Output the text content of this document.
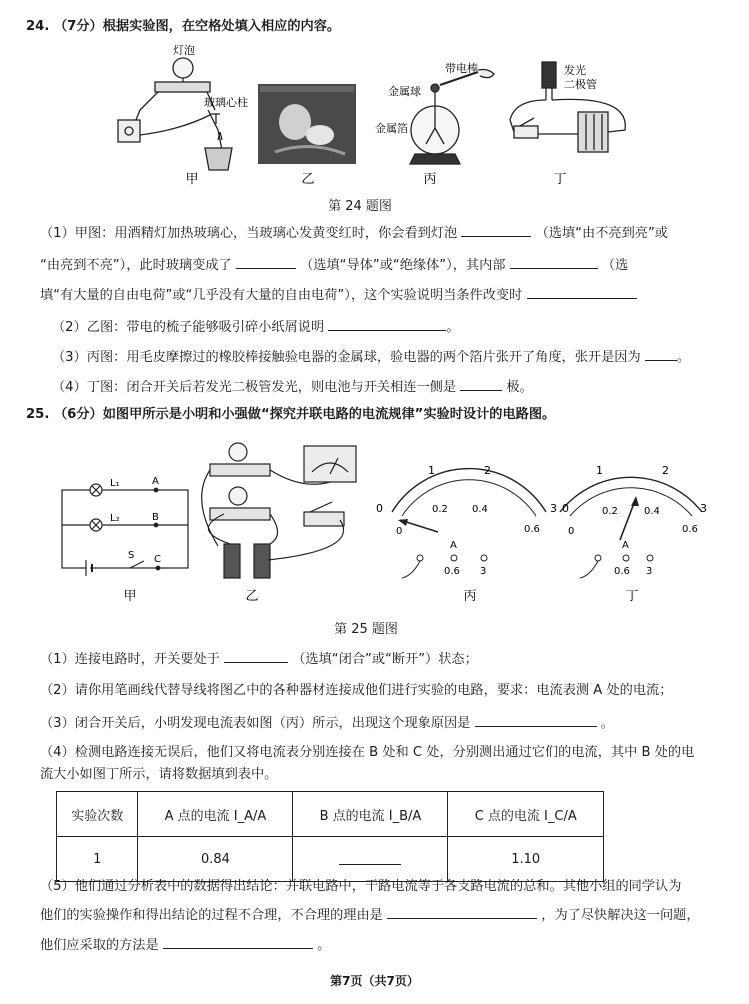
24. （7分）根据实验图，在空格处填入相应的内容。
灯泡
玻璃心柱
带电棒
金属球
金属箔
发光
二极管
甲	乙	丙	丁
第 24 题图
（1）甲图：用酒精灯加热玻璃心，当玻璃心发黄变红时，你会看到灯泡	（选填“由不亮到亮”或
“由亮到不亮”），此时玻璃变成了	（选填“导体”或“绝缘体”），其内部	（选
填“有大量的自由电荷”或“几乎没有大量的自由电荷”），这个实验说明当条件改变时
（2）乙图：带电的梳子能够吸引碎小纸屑说明	。
（3）丙图：用毛皮摩擦过的橡胶棒接触验电器的金属球，验电器的两个箔片张开了角度，张开是因为	。
（4）丁图：闭合开关后若发光二极管发光，则电池与开关相连一侧是	极。
25. （6分）如图甲所示是小明和小强做“探究并联电路的电流规律”实验时设计的电路图。
L₁
L₂
A
B
C
S
0
1	2
3
0
0.2 0.4
0.6
A
0.6 3
0
1	2
3
0
0.2	0.4
0.6
A
0.6 3
甲	乙	丙	丁
第 25 题图
（1）连接电路时，开关要处于	（选填“闭合”或“断开”）状态；
（2）请你用笔画线代替导线将图乙中的各种器材连接成他们进行实验的电路，要求：电流表测 A 处的电流；
（3）闭合开关后，小明发现电流表如图（丙）所示，出现这个现象原因是	。
（4）检测电路连接无误后，他们又将电流表分别连接在 B 处和 C 处，分别测出通过它们的电流，其中 B 处的电
流大小如图丁所示，请将数据填到表中。
实验次数	A 点的电流 I_A/A	B 点的电流 I_B/A	C 点的电流 I_C/A
1	0.84		1.10
（5）他们通过分析表中的数据得出结论：并联电路中，干路电流等于各支路电流的总和。其他小组的同学认为
他们的实验操作和得出结论的过程不合理，不合理的理由是	，为了尽快解决这一问题，
他们应采取的方法是	。
第7页（共7页）
